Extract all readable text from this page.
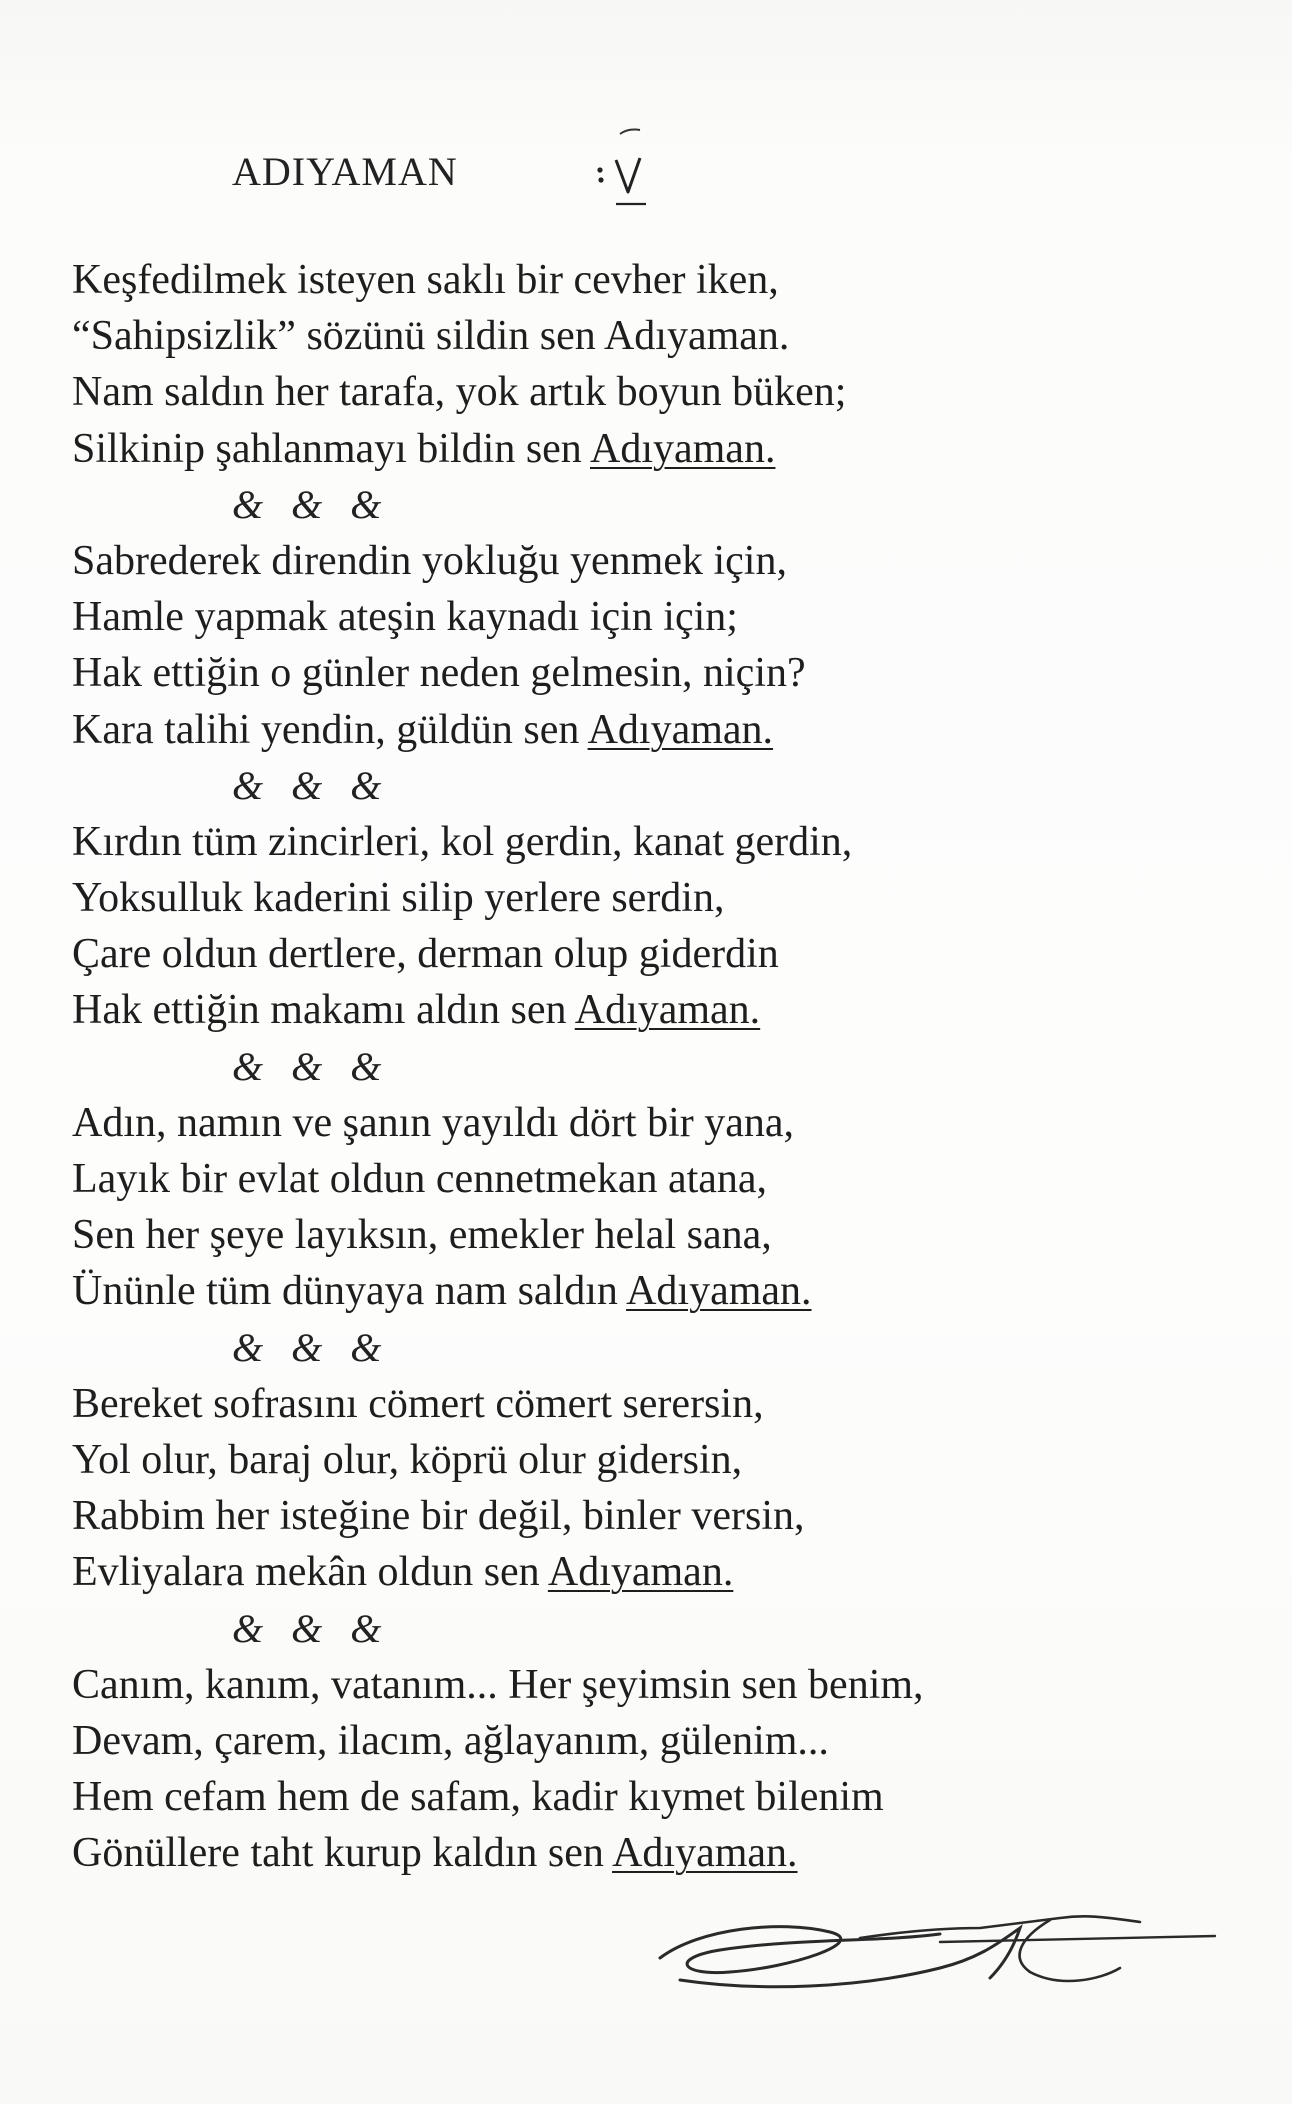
ADIYAMAN
Keşfedilmek isteyen saklı bir cevher iken,
“Sahipsizlik” sözünü sildin sen Adıyaman.
Nam saldın her tarafa, yok artık boyun büken;
Silkinip şahlanmayı bildin sen Adıyaman.
& & &
Sabrederek direndin yokluğu yenmek için,
Hamle yapmak ateşin kaynadı için için;
Hak ettiğin o günler neden gelmesin, niçin?
Kara talihi yendin, güldün sen Adıyaman.
& & &
Kırdın tüm zincirleri, kol gerdin, kanat gerdin,
Yoksulluk kaderini silip yerlere serdin,
Çare oldun dertlere, derman olup giderdin
Hak ettiğin makamı aldın sen Adıyaman.
& & &
Adın, namın ve şanın yayıldı dört bir yana,
Layık bir evlat oldun cennetmekan atana,
Sen her şeye layıksın, emekler helal sana,
Ününle tüm dünyaya nam saldın Adıyaman.
& & &
Bereket sofrasını cömert cömert serersin,
Yol olur, baraj olur, köprü olur gidersin,
Rabbim her isteğine bir değil, binler versin,
Evliyalara mekân oldun sen Adıyaman.
& & &
Canım, kanım, vatanım... Her şeyimsin sen benim,
Devam, çarem, ilacım, ağlayanım, gülenim...
Hem cefam hem de safam, kadir kıymet bilenim
Gönüllere taht kurup kaldın sen Adıyaman.
